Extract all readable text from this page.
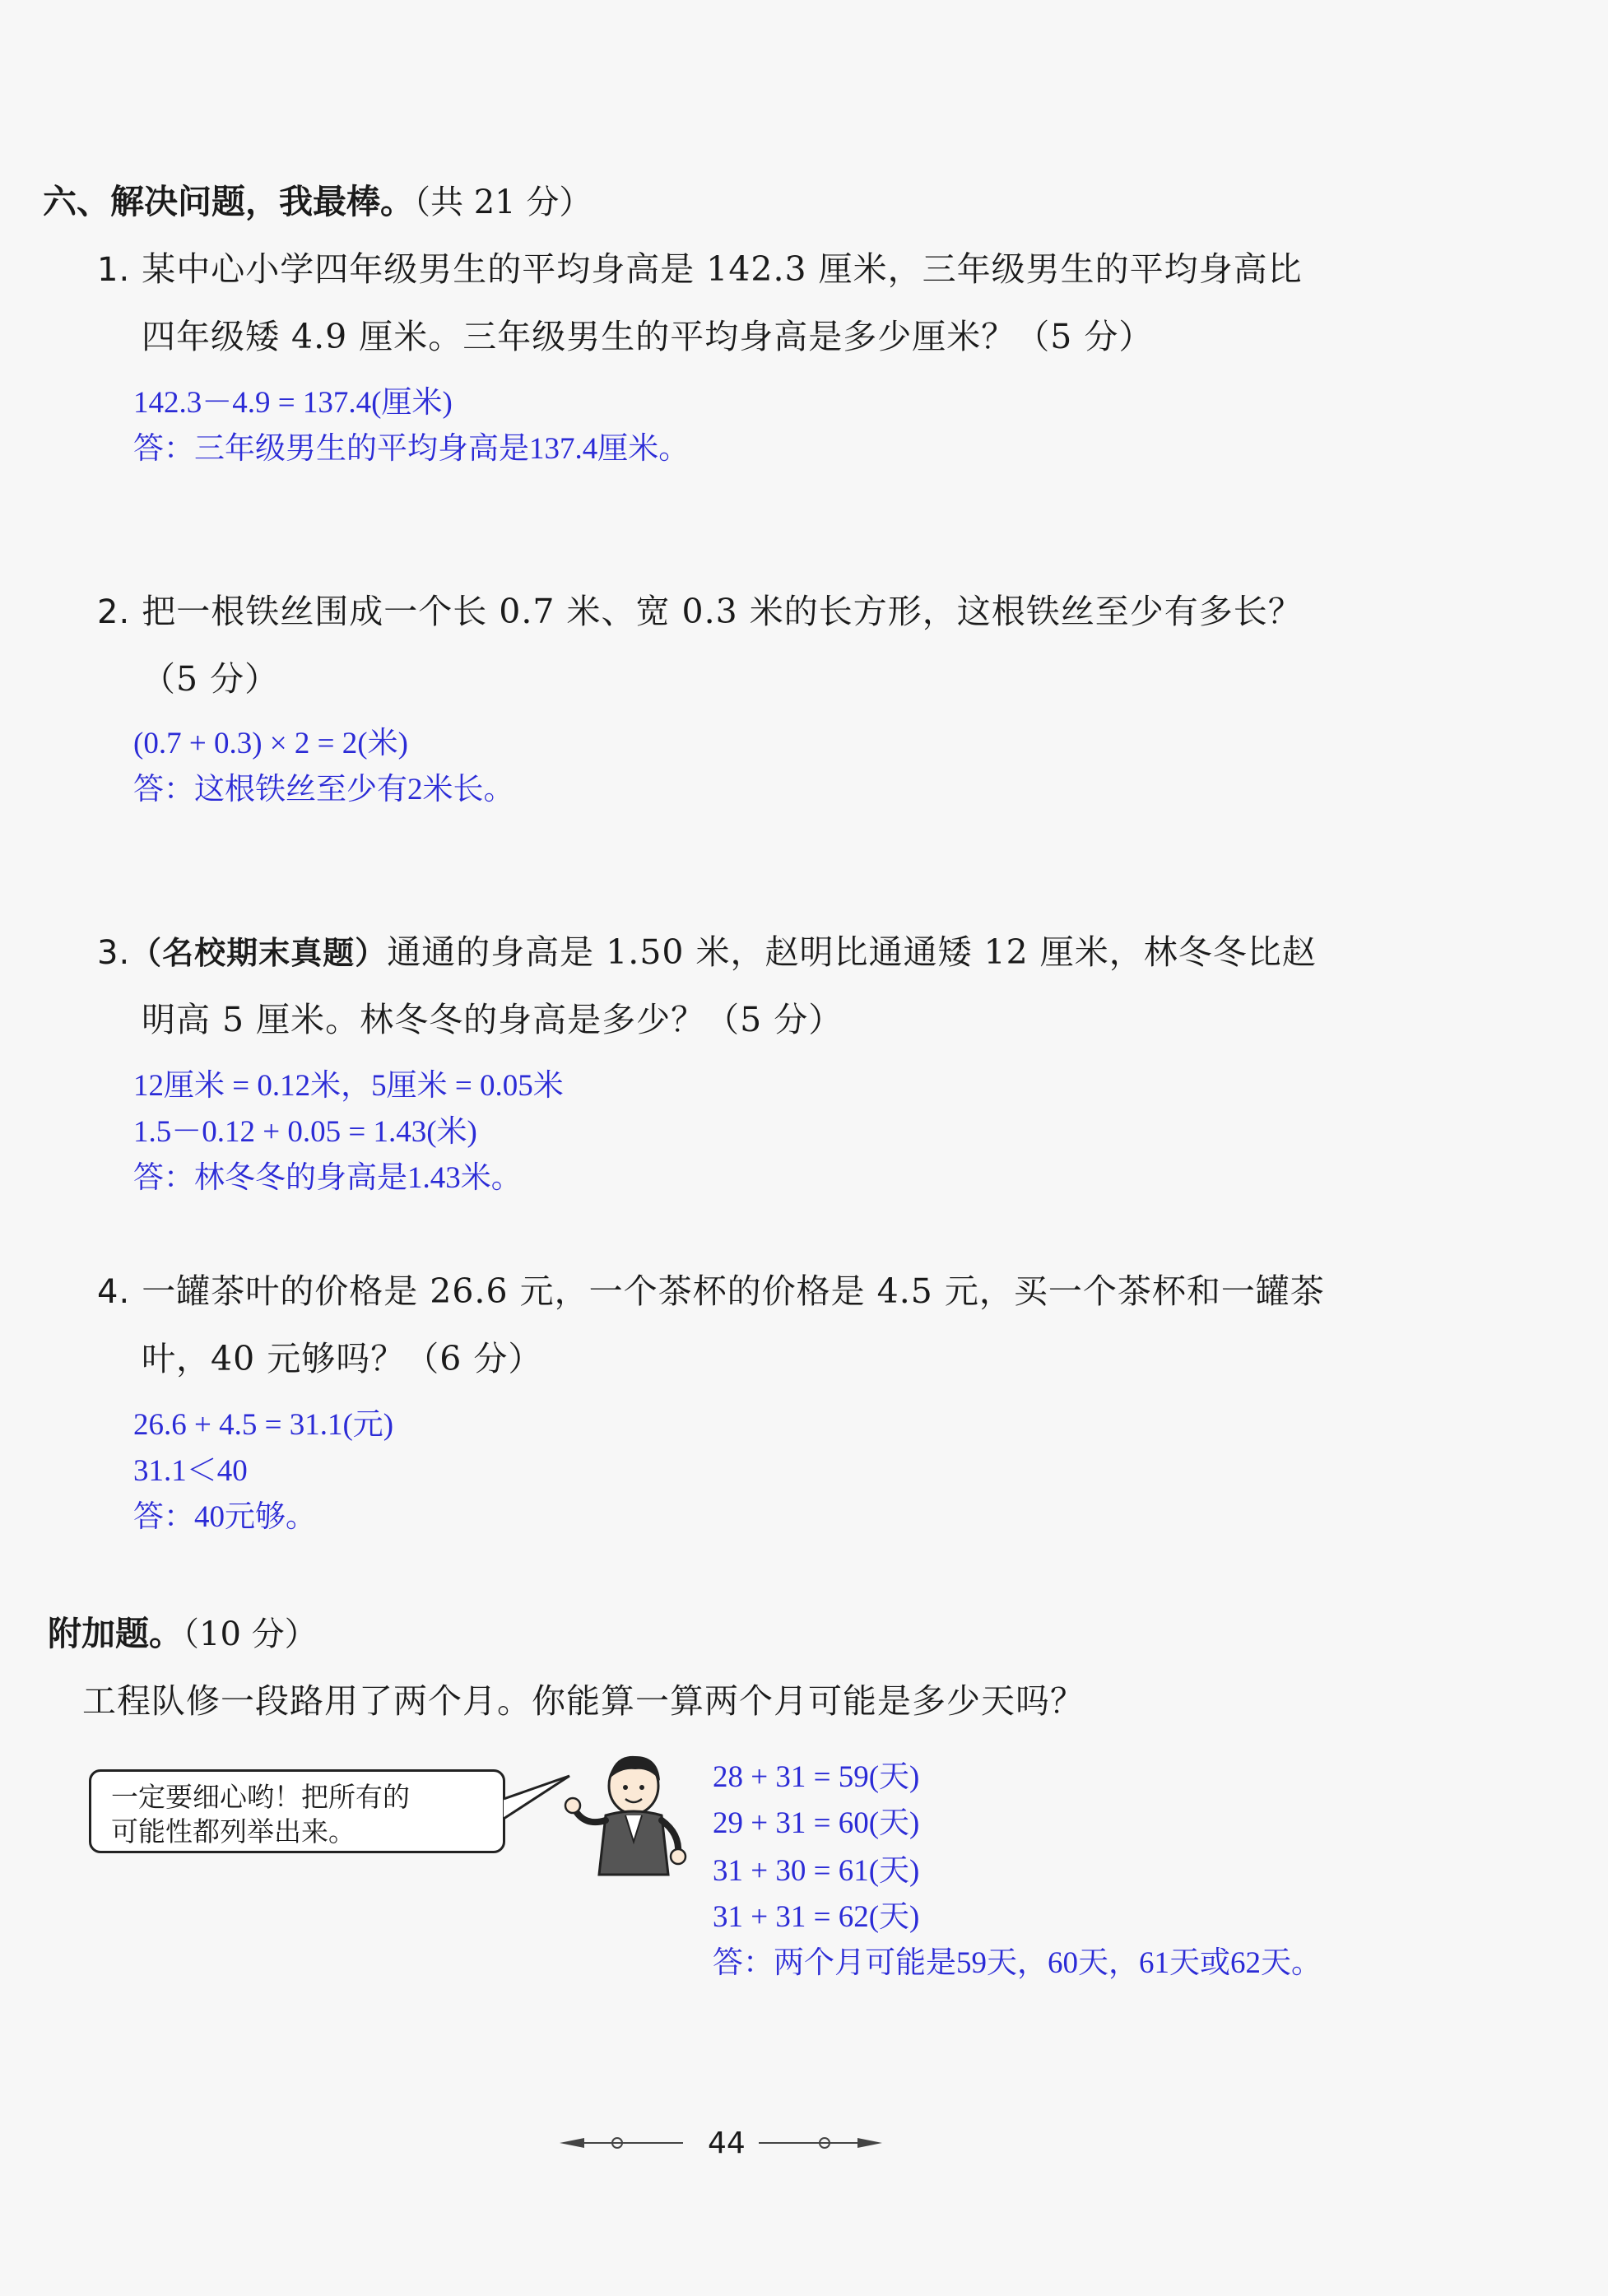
六、解决问题，我最棒。（共 21 分）
1. 某中心小学四年级男生的平均身高是 142.3 厘米，三年级男生的平均身高比
四年级矮 4.9 厘米。三年级男生的平均身高是多少厘米？（5 分）
142.3－4.9 = 137.4(厘米)
答：三年级男生的平均身高是137.4厘米。
2. 把一根铁丝围成一个长 0.7 米、宽 0.3 米的长方形，这根铁丝至少有多长？
（5 分）
(0.7 + 0.3) × 2 = 2(米)
答：这根铁丝至少有2米长。
3.（名校期末真题）通通的身高是 1.50 米，赵明比通通矮 12 厘米，林冬冬比赵
明高 5 厘米。林冬冬的身高是多少？（5 分）
12厘米 = 0.12米，5厘米 = 0.05米
1.5－0.12 + 0.05 = 1.43(米)
答：林冬冬的身高是1.43米。
4. 一罐茶叶的价格是 26.6 元，一个茶杯的价格是 4.5 元，买一个茶杯和一罐茶
叶，40 元够吗？（6 分）
26.6 + 4.5 = 31.1(元)
31.1＜40
答：40元够。
附加题。（10 分）
工程队修一段路用了两个月。你能算一算两个月可能是多少天吗？
一定要细心哟！把所有的
可能性都列举出来。
28 + 31 = 59(天)
29 + 31 = 60(天)
31 + 30 = 61(天)
31 + 31 = 62(天)
答：两个月可能是59天，60天，61天或62天。
44
